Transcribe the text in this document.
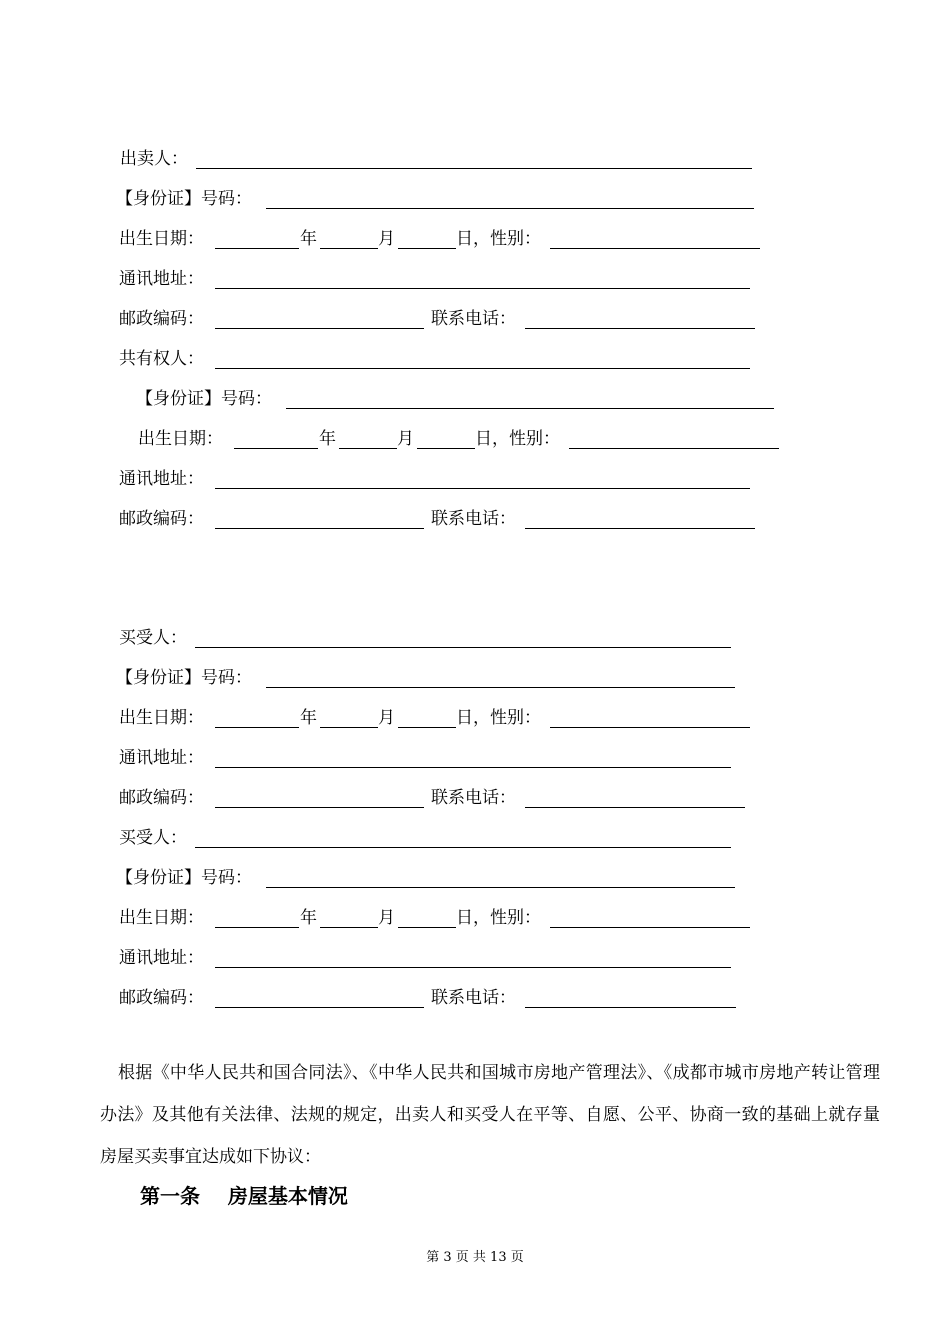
出卖人：
【身份证】号码：
出生日期：	年	月	日，性别：
通讯地址：
邮政编码：	联系电话：
共有权人：
【身份证】号码：
出生日期：	年	月	日，性别：
通讯地址：
邮政编码：	联系电话：
买受人：
【身份证】号码：
出生日期：	年	月	日，性别：
通讯地址：
邮政编码：	联系电话：
买受人：
【身份证】号码：
出生日期：	年	月	日，性别：
通讯地址：
邮政编码：	联系电话：

根据《中华人民共和国合同法》、《中华人民共和国城市房地产管理法》、《成都市城市房地产转让管理办法》及其他有关法律、法规的规定，出卖人和买受人在平等、自愿、公平、协商一致的基础上就存量房屋买卖事宜达成如下协议：

第一条    房屋基本情况
第 3 页 共 13 页
